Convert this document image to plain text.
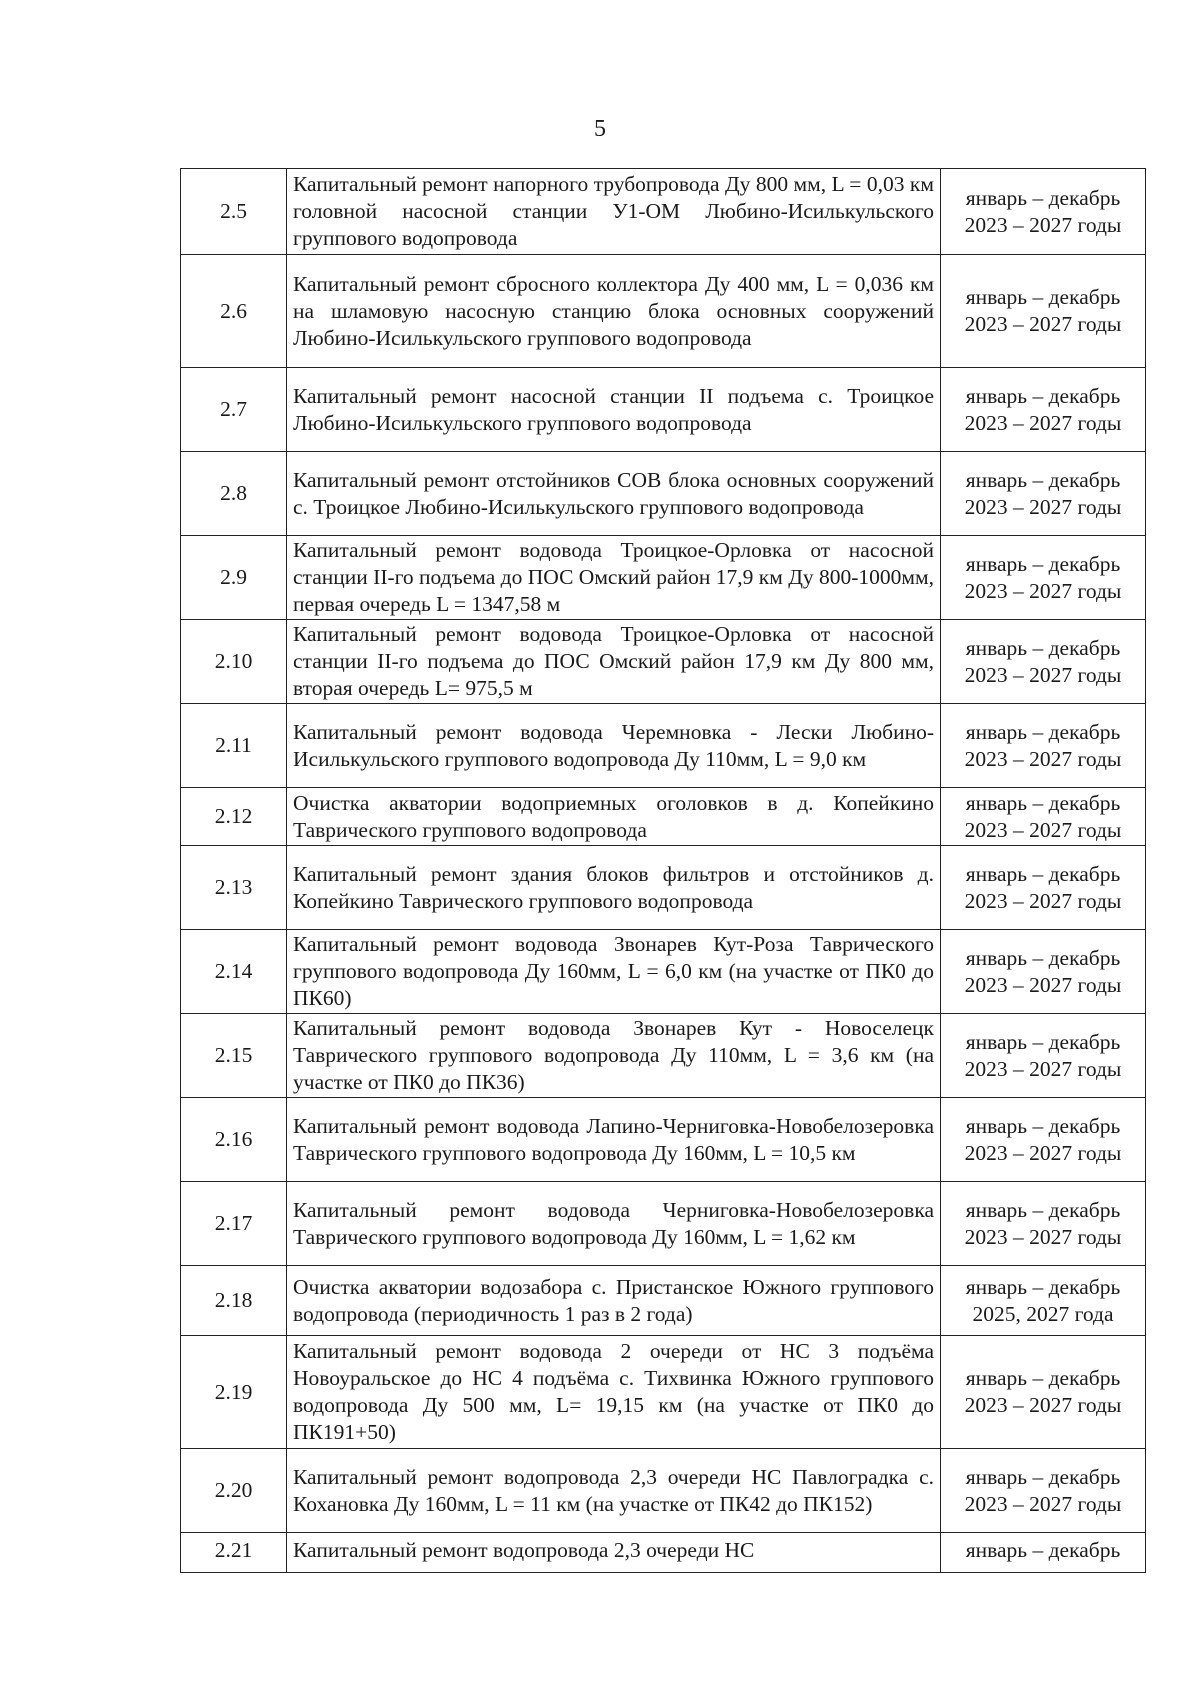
5
2.5	Капитальный ремонт напорного трубопровода Ду 800 мм, L = 0,03 км головной насосной станции У1-ОМ Любино-Исилькульского группового водопровода	январь – декабрь
2023 – 2027 годы

2.6	Капитальный ремонт сбросного коллектора Ду 400 мм, L = 0,036 км на шламовую насосную станцию блока основных сооружений Любино-Исилькульского группового водопровода	январь – декабрь
2023 – 2027 годы

2.7	Капитальный ремонт насосной станции II подъема с. Троицкое Любино-Исилькульского группового водопровода	январь – декабрь
2023 – 2027 годы

2.8	Капитальный ремонт отстойников СОВ блока основных сооружений с. Троицкое Любино-Исилькульского группового водопровода	январь – декабрь
2023 – 2027 годы

2.9	Капитальный ремонт водовода Троицкое-Орловка от насосной станции II-го подъема до ПОС Омский район 17,9 км Ду 800-1000мм, первая очередь L = 1347,58 м	январь – декабрь
2023 – 2027 годы

2.10	Капитальный ремонт водовода Троицкое-Орловка от насосной станции II-го подъема до ПОС Омский район 17,9 км Ду 800 мм, вторая очередь L= 975,5 м	январь – декабрь
2023 – 2027 годы

2.11	Капитальный ремонт водовода Черемновка - Лески Любино-Исилькульского группового водопровода Ду 110мм, L = 9,0 км	январь – декабрь
2023 – 2027 годы

2.12	Очистка акватории водоприемных оголовков в д. Копейкино Таврического группового водопровода	январь – декабрь
2023 – 2027 годы

2.13	Капитальный ремонт здания блоков фильтров и отстойников д. Копейкино Таврического группового водопровода	январь – декабрь
2023 – 2027 годы

2.14	Капитальный ремонт водовода Звонарев Кут-Роза Таврического группового водопровода Ду 160мм, L = 6,0 км (на участке от ПК0 до ПК60)	январь – декабрь
2023 – 2027 годы

2.15	Капитальный ремонт водовода Звонарев Кут - Новоселецк Таврического группового водопровода Ду 110мм, L = 3,6 км (на участке от ПК0 до ПК36)	январь – декабрь
2023 – 2027 годы

2.16	Капитальный ремонт водовода Лапино-Черниговка-Новобелозеровка Таврического группового водопровода Ду 160мм, L = 10,5 км	январь – декабрь
2023 – 2027 годы

2.17	Капитальный ремонт водовода Черниговка-Новобелозеровка Таврического группового водопровода Ду 160мм, L = 1,62 км	январь – декабрь
2023 – 2027 годы

2.18	Очистка акватории водозабора с. Пристанское Южного группового водопровода (периодичность 1 раз в 2 года)	январь – декабрь
2025, 2027 года

2.19	Капитальный ремонт водовода 2 очереди от НС 3 подъёма Новоуральское до НС 4 подъёма с. Тихвинка Южного группового водопровода Ду 500 мм, L= 19,15 км (на участке от ПК0 до ПК191+50)	январь – декабрь
2023 – 2027 годы

2.20	Капитальный ремонт водопровода 2,3 очереди НС Павлоградка с. Кохановка Ду 160мм, L = 11 км (на участке от ПК42 до ПК152)	январь – декабрь
2023 – 2027 годы

2.21	Капитальный ремонт водопровода 2,3 очереди НС	январь – декабрь
